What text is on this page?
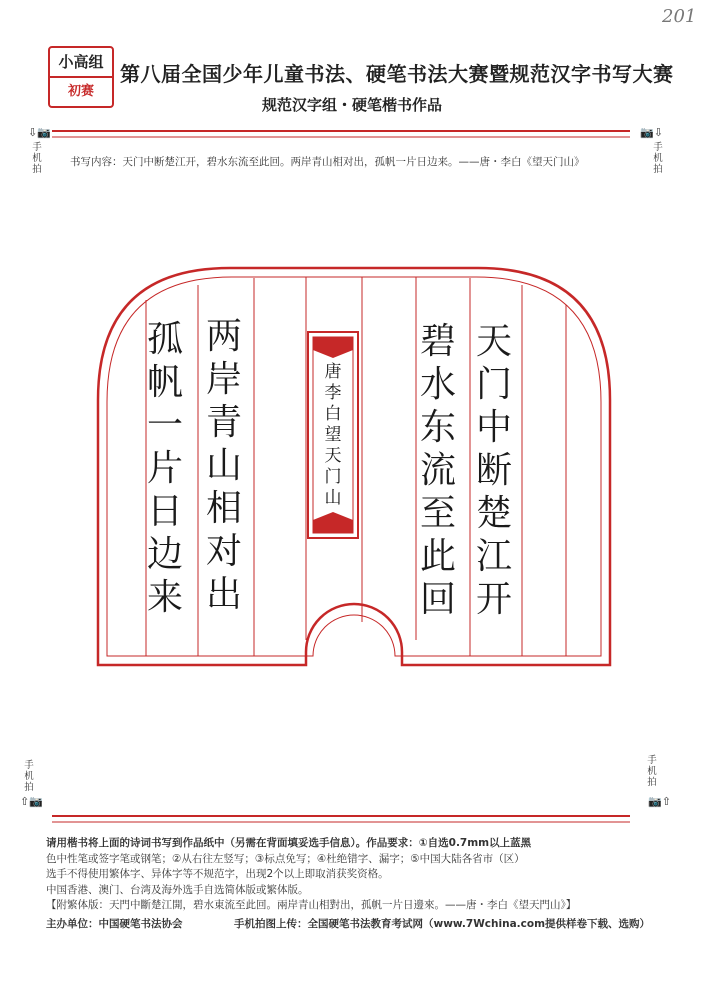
201
小高组
初赛
第八届全国少年儿童书法、硬笔书法大赛暨规范汉字书写大赛
规范汉字组・硬笔楷书作品
⇩📷
手机拍
📷⇩
手机拍
书写内容：天门中断楚江开，碧水东流至此回。两岸青山相对出，孤帆一片日边来。——唐・李白《望天门山》
天门中断楚江开
碧水东流至此回
两岸青山相对出
孤帆一片日边来
唐李白望天门山
手机拍
⇧📷
手机拍
📷⇧
请用楷书将上面的诗词书写到作品纸中（另需在背面填妥选手信息）。作品要求：①自选0.7mm以上蓝黑
色中性笔或签字笔或钢笔；②从右往左竖写；③标点免写；④杜绝错字、漏字；⑤中国大陆各省市（区）
选手不得使用繁体字、异体字等不规范字，出现2个以上即取消获奖资格。
中国香港、澳门、台湾及海外选手自选简体版或繁体版。
【附繁体版：天門中斷楚江開，碧水東流至此回。兩岸青山相對出，孤帆一片日邊來。——唐・李白《望天門山》】
主办单位：中国硬笔书法协会	手机拍图上传：全国硬笔书法教育考试网（www.7Wchina.com提供样卷下载、选购）
